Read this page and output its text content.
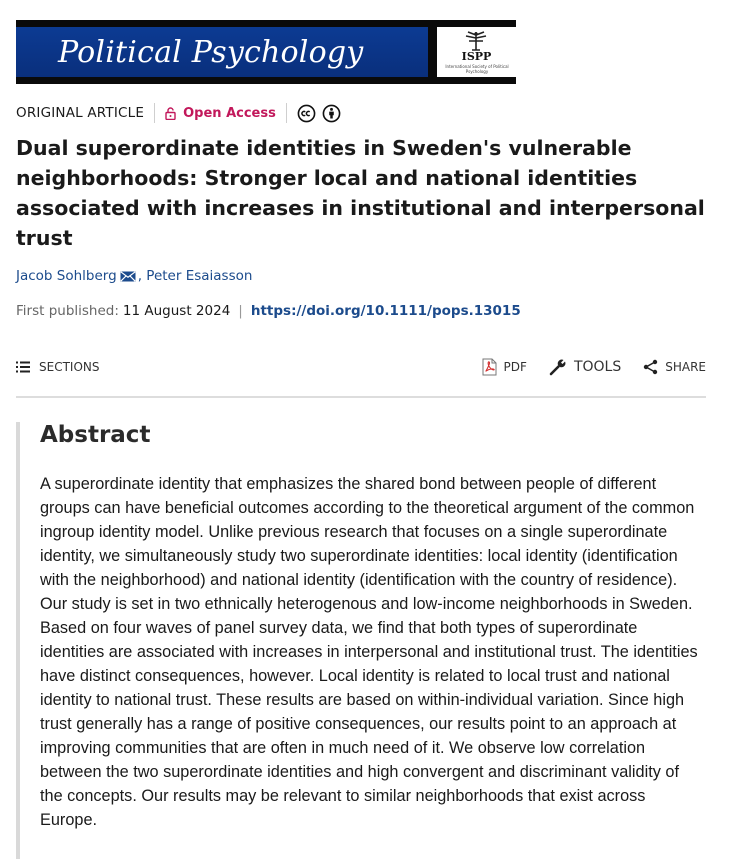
Political Psychology	ISPP
International Society of Political Psychology
ORIGINAL ARTICLE	Open Access
Dual superordinate identities in Sweden's vulnerable neighborhoods: Stronger local and national identities associated with increases in institutional and interpersonal trust
Jacob Sohlberg ,
Peter Esaiasson
First published: 11 August 2024 | https://doi.org/10.1111/pops.13015
SECTIONS	PDF	TOOLS	SHARE
Abstract

A superordinate identity that emphasizes the shared bond between people of different groups can have beneficial outcomes according to the theoretical argument of the common ingroup identity model. Unlike previous research that focuses on a single superordinate identity, we simultaneously study two superordinate identities: local identity (identification with the neighborhood) and national identity (identification with the country of residence). Our study is set in two ethnically heterogenous and low-income neighborhoods in Sweden. Based on four waves of panel survey data, we find that both types of superordinate identities are associated with increases in interpersonal and institutional trust. The identities have distinct consequences, however. Local identity is related to local trust and national identity to national trust. These results are based on within-individual variation. Since high trust generally has a range of positive consequences, our results point to an approach at improving communities that are often in much need of it. We observe low correlation between the two superordinate identities and high convergent and discriminant validity of the concepts. Our results may be relevant to similar neighborhoods that exist across Europe.
